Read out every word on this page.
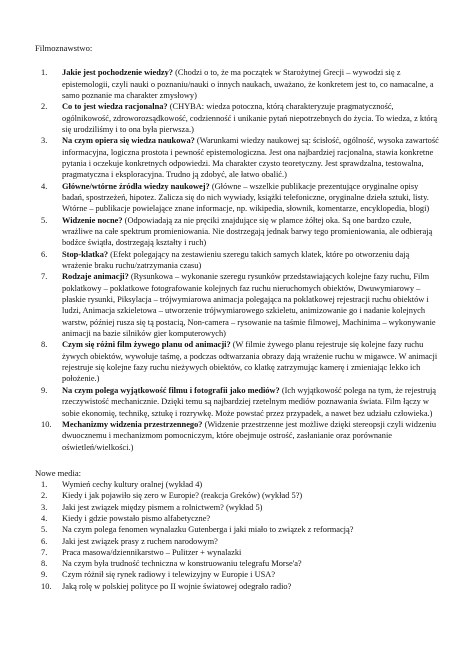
Filmoznawstwo:
1.	Jakie jest pochodzenie wiedzy? (Chodzi o to, że ma początek w Starożytnej Grecji – wywodzi się z epistemologii, czyli nauki o poznaniu/nauki o innych naukach, uważano, że konkretem jest to, co namacalne, a samo poznanie ma charakter zmysłowy)
2.	Co to jest wiedza racjonalna? (CHYBA: wiedza potoczna, którą charakteryzuje pragmatyczność, ogólnikowość, zdroworozsądkowość, codzienność i unikanie pytań niepotrzebnych do życia. To wiedza, z którą się urodziliśmy i to ona była pierwsza.)
3.	Na czym opiera się wiedza naukowa? (Warunkami wiedzy naukowej są: ścisłość, ogólność, wysoka zawartość informacyjna, logiczna prostota i pewność epistemologiczna. Jest ona najbardziej racjonalna, stawia konkretne pytania i oczekuje konkretnych odpowiedzi. Ma charakter czysto teoretyczny. Jest sprawdzalna, testowalna, pragmatyczna i eksploracyjna. Trudno ją zdobyć, ale łatwo obalić.)
4.	Główne/wtórne źródła wiedzy naukowej? (Główne – wszelkie publikacje prezentujące oryginalne opisy badań, spostrzeżeń, hipotez. Zalicza się do nich wywiady, książki telefoniczne, oryginalne dzieła sztuki, listy. Wtórne – publikacje powielające znane informacje, np. wikipedia, słownik, komentarze, encyklopedia, blogi)
5.	Widzenie nocne? (Odpowiadają za nie pręciki znajdujące się w plamce żółtej oka. Są one bardzo czułe, wrażliwe na całe spektrum promieniowania. Nie dostrzegają jednak barwy tego promieniowania, ale odbierają bodźce świątła, dostrzegają kształty i ruch)
6.	Stop-klatka? (Efekt polegający na zestawieniu szeregu takich samych klatek, które po otworzeniu dają wrażenie braku ruchu/zatrzymania czasu)
7.	Rodzaje animacji? (Rysunkowa – wykonanie szeregu rysunków przedstawiających kolejne fazy ruchu, Film poklatkowy – poklatkowe fotografowanie kolejnych faz ruchu nieruchomych obiektów, Dwuwymiarowy – płaskie rysunki, Piksylacja – trójwymiarowa animacja polegająca na poklatkowej rejestracji ruchu obiektów i ludzi, Animacja szkieletowa – utworzenie trójwymiarowego szkieletu, animizowanie go i nadanie kolejnych warstw, później rusza się tą postacią, Non-camera – rysowanie na taśmie filmowej, Machinima – wykonywanie animacji na bazie silników gier komputerowych)
8.	Czym się różni film żywego planu od animacji? (W filmie żywego planu rejestruje się kolejne fazy ruchu żywych obiektów, wywołuje taśmę, a podczas odtwarzania obrazy dają wrażenie ruchu w migawce. W animacji rejestruje się kolejne fazy ruchu nieżywych obiektów, co klatkę zatrzymując kamerę i zmieniając lekko ich położenie.)
9.	Na czym polega wyjątkowość filmu i fotografii jako mediów? (Ich wyjątkowość polega na tym, że rejestrują rzeczywistość mechanicznie. Dzięki temu są najbardziej rzetelnym mediów poznawania świata. Film łączy w sobie ekonomię, technikę, sztukę i rozrywkę. Może powstać przez przypadek, a nawet bez udziału człowieka.)
10.	Mechanizmy widzenia przestrzennego? (Widzenie przestrzenne jest możliwe dzięki stereopsji czyli widzeniu dwuocznemu i mechanizmom pomocniczym, które obejmuje ostrość, zasłanianie oraz porównanie oświetleń/wielkości.)
Nowe media:
1.	Wymień cechy kultury oralnej (wykład 4)
2.	Kiedy i jak pojawiło się zero w Europie? (reakcja Greków) (wykład 5?)
3.	Jaki jest związek między pismem a rolnictwem? (wykład 5)
4.	Kiedy i gdzie powstało pismo alfabetyczne?
5.	Na czym polega fenomen wynalazku Gutenberga i jaki miało to związek z reformacją?
6.	Jaki jest związek prasy z ruchem narodowym?
7.	Praca masowa/dziennikarstwo – Pulitzer + wynalazki
8.	Na czym była trudność techniczna w konstruowaniu telegrafu Morse'a?
9.	Czym różnił się rynek radiowy i telewizyjny w Europie i USA?
10.	Jaką rolę w polskiej polityce po II wojnie światowej odegrało radio?
